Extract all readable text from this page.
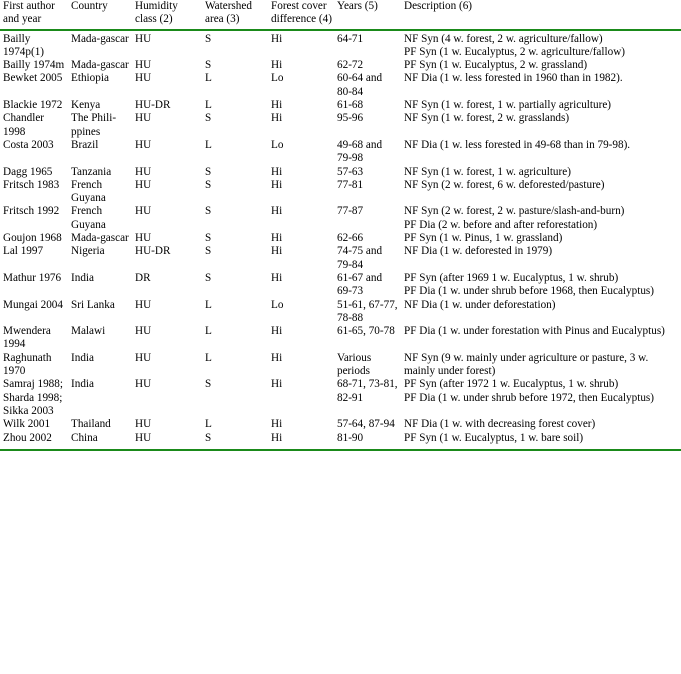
First author and year	Country	Humidity class (2)	Watershed area (3)	Forest cover difference (4)	Years (5)	Description (6)
Bailly 1974p(1)	Mada-gascar	HU	S	Hi	64-71	NF Syn (4 w. forest, 2 w. agriculture/fallow)
PF Syn (1 w. Eucalyptus, 2 w. agriculture/fallow)

Bailly 1974m	Mada-gascar	HU	S	Hi	62-72	PF Syn (1 w. Eucalyptus, 2 w. grassland)

Bewket 2005	Ethiopia	HU	L	Lo	60-64 and 80-84	NF Dia (1 w. less forested in 1960 than in 1982).

Blackie 1972	Kenya	HU-DR	L	Hi	61-68	NF Syn (1 w. forest, 1 w. partially agriculture)

Chandler 1998	The Phili-ppines	HU	S	Hi	95-96	NF Syn (1 w. forest, 2 w. grasslands)

Costa 2003	Brazil	HU	L	Lo	49-68 and 79-98	NF Dia (1 w. less forested in 49-68 than in 79-98).

Dagg 1965	Tanzania	HU	S	Hi	57-63	NF Syn (1 w. forest, 1 w. agriculture)

Fritsch 1983	French Guyana	HU	S	Hi	77-81	NF Syn (2 w. forest, 6 w. deforested/pasture)

Fritsch 1992	French Guyana	HU	S	Hi	77-87	NF Syn (2 w. forest, 2 w. pasture/slash-and-burn)
PF Dia (2 w. before and after reforestation)

Goujon 1968	Mada-gascar	HU	S	Hi	62-66	PF Syn (1 w. Pinus, 1 w. grassland)

Lal 1997	Nigeria	HU-DR	S	Hi	74-75 and 79-84	NF Dia (1 w. deforested in 1979)

Mathur 1976	India	DR	S	Hi	61-67 and 69-73	PF Syn (after 1969 1 w. Eucalyptus, 1 w. shrub)
PF Dia (1 w. under shrub before 1968, then Eucalyptus)

Mungai 2004	Sri Lanka	HU	L	Lo	51-61, 67-77, 78-88	NF Dia (1 w. under deforestation)

Mwendera 1994	Malawi	HU	L	Hi	61-65, 70-78	PF Dia (1 w. under forestation with Pinus and Eucalyptus)

Raghunath 1970	India	HU	L	Hi	Various periods	NF Syn (9 w. mainly under agriculture or pasture, 3 w. mainly under forest)

Samraj 1988; Sharda 1998; Sikka 2003	India	HU	S	Hi	68-71, 73-81, 82-91	PF Syn (after 1972 1 w. Eucalyptus, 1 w. shrub)
PF Dia (1 w. under shrub before 1972, then Eucalyptus)

Wilk 2001	Thailand	HU	L	Hi	57-64, 87-94	NF Dia (1 w. with decreasing forest cover)

Zhou 2002	China	HU	S	Hi	81-90	PF Syn (1 w. Eucalyptus, 1 w. bare soil)
